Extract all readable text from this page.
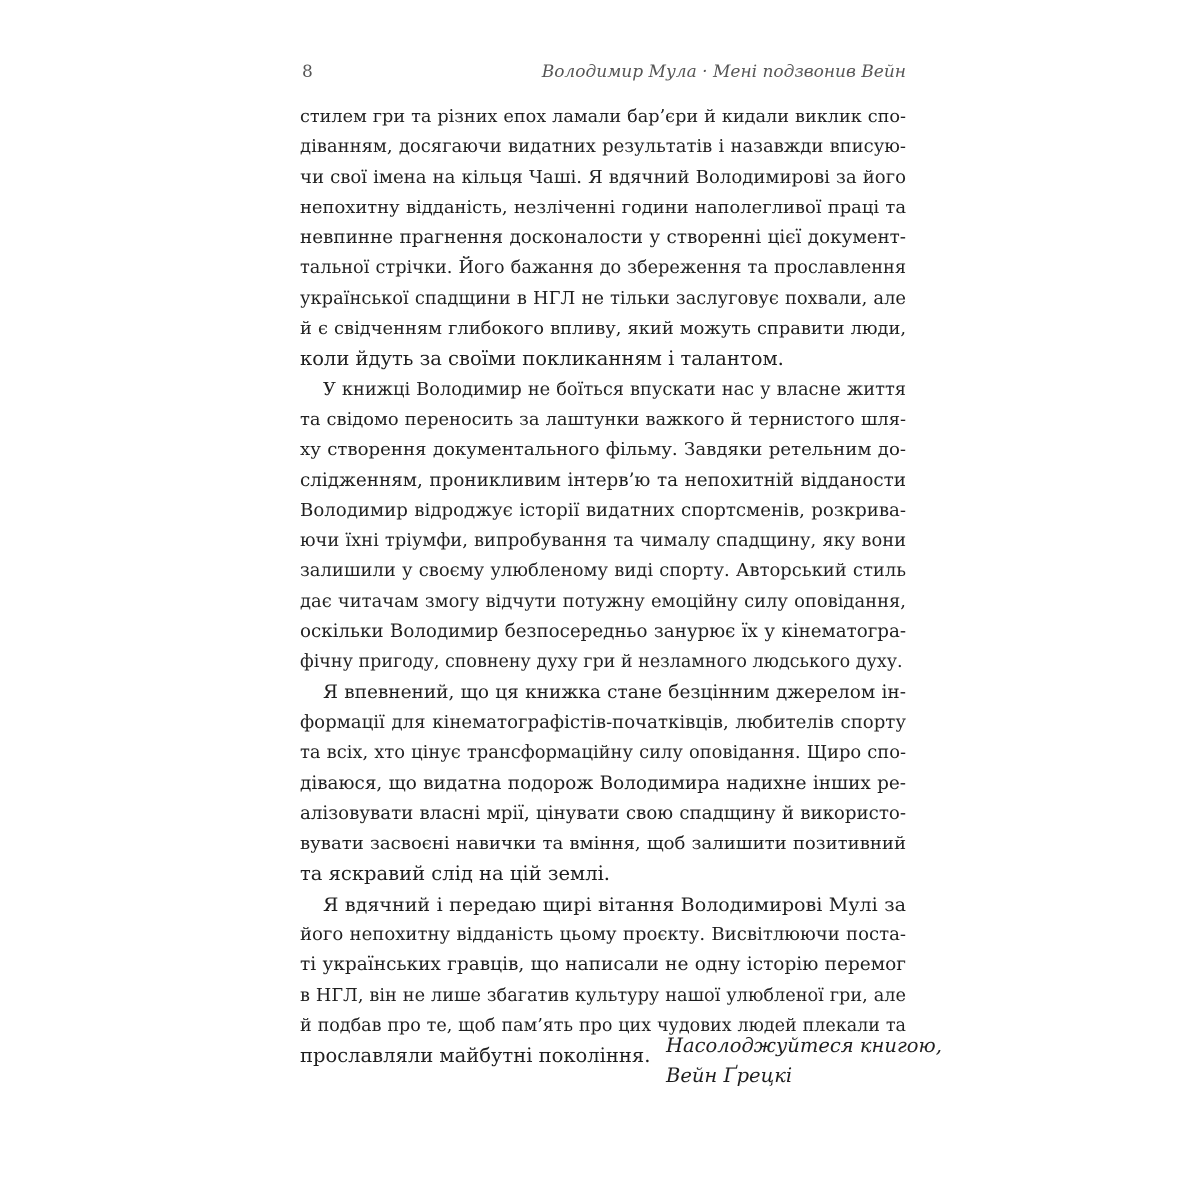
8	Володимир Мула · Мені подзвонив Вейн
стилем гри та різних епох ламали бар’єри й кидали виклик спо-
діванням, досягаючи видатних результатів і назавжди вписую-
чи свої імена на кільця Чаші. Я вдячний Володимирові за його
непохитну відданість, незліченні години наполегливої праці та
невпинне прагнення досконалости у створенні цієї документ-
тальної стрічки. Його бажання до збереження та прославлення
української спадщини в НГЛ не тільки заслуговує похвали, але
й є свідченням глибокого впливу, який можуть справити люди,
коли йдуть за своїми покликанням і талантом.
У книжці Володимир не боїться впускати нас у власне життя
та свідомо переносить за лаштунки важкого й тернистого шля-
ху створення документального фільму. Завдяки ретельним до-
слідженням, проникливим інтерв’ю та непохитній відданости
Володимир відроджує історії видатних спортсменів, розкрива-
ючи їхні тріумфи, випробування та чималу спадщину, яку вони
залишили у своєму улюбленому виді спорту. Авторський стиль
дає читачам змогу відчути потужну емоційну силу оповідання,
оскільки Володимир безпосередньо занурює їх у кінематогра-
фічну пригоду, сповнену духу гри й незламного людського духу.
Я впевнений, що ця книжка стане безцінним джерелом ін-
формації для кінематографістів-початківців, любителів спорту
та всіх, хто цінує трансформаційну силу оповідання. Щиро спо-
діваюся, що видатна подорож Володимира надихне інших ре-
алізовувати власні мрії, цінувати свою спадщину й використо-
вувати засвоєні навички та вміння, щоб залишити позитивний
та яскравий слід на цій землі.
Я вдячний і передаю щирі вітання Володимирові Мулі за
його непохитну відданість цьому проєкту. Висвітлюючи поста-
ті українських гравців, що написали не одну історію перемог
в НГЛ, він не лише збагатив культуру нашої улюбленої гри, але
й подбав про те, щоб пам’ять про цих чудових людей плекали та
прославляли майбутні покоління. Насолоджуйтеся книгою,
Вейн Ґрецкі
